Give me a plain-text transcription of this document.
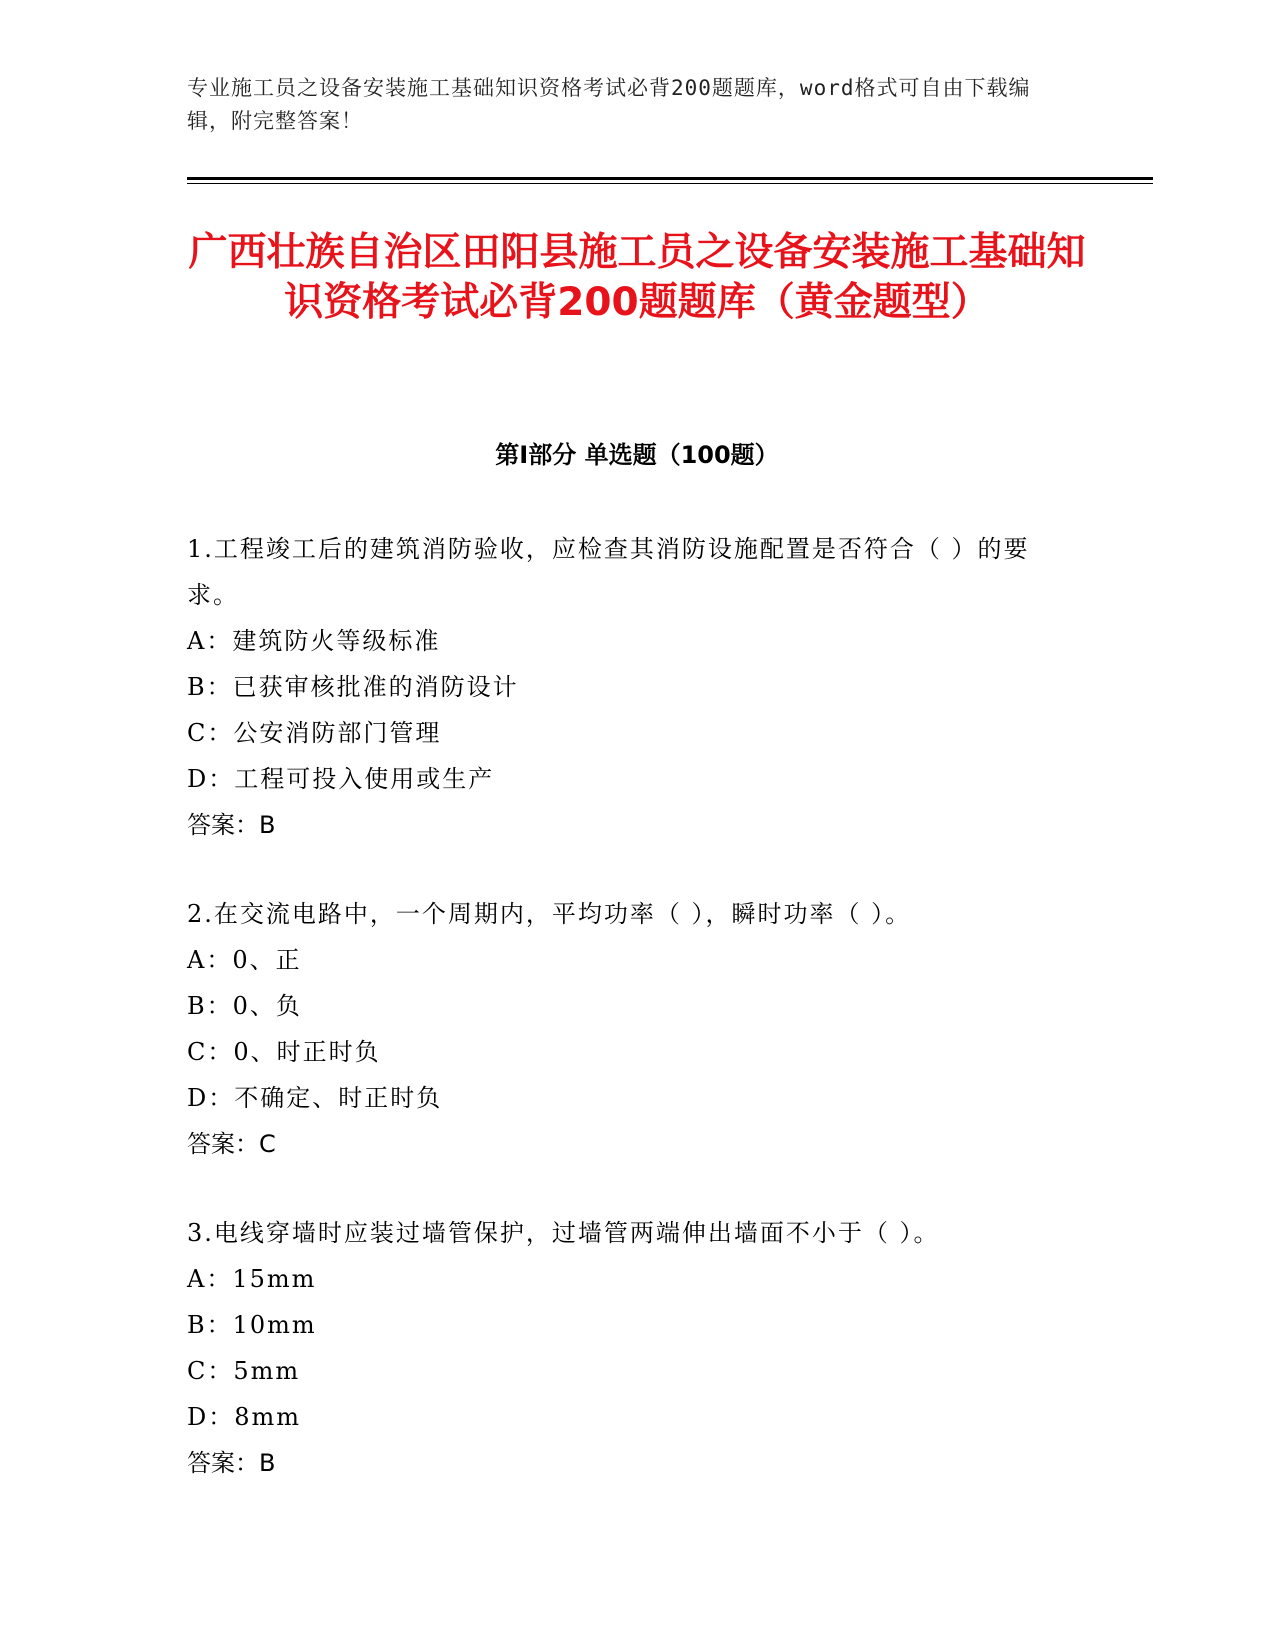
专业施工员之设备安装施工基础知识资格考试必背200题题库，word格式可自由下载编辑，附完整答案！
广西壮族自治区田阳县施工员之设备安装施工基础知识资格考试必背200题题库（黄金题型）
第I部分 单选题（100题）
1.工程竣工后的建筑消防验收，应检查其消防设施配置是否符合（ ）的要求。
A：建筑防火等级标准
B：已获审核批准的消防设计
C：公安消防部门管理
D：工程可投入使用或生产
答案：B
2.在交流电路中，一个周期内，平均功率（ ），瞬时功率（ ）。
A：0、正
B：0、负
C：0、时正时负
D：不确定、时正时负
答案：C
3.电线穿墙时应装过墙管保护，过墙管两端伸出墙面不小于（ ）。
A：15mm
B：10mm
C：5mm
D：8mm
答案：B
